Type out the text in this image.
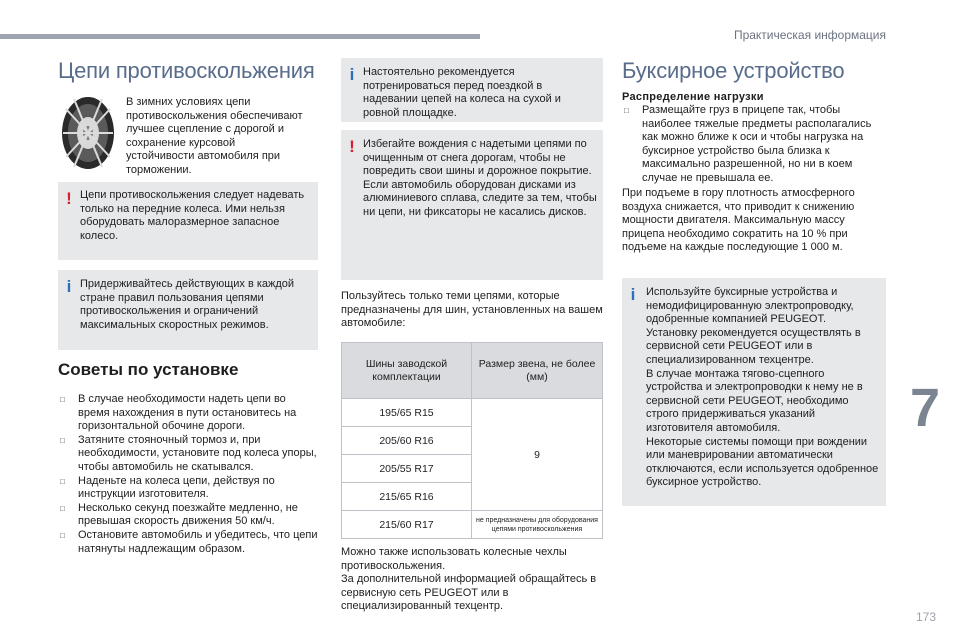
Практическая информация
7
173
Цепи противоскольжения
В зимних условиях цепи противоскольжения обеспечивают лучшее сцепление с дорогой и сохранение курсовой устойчивости автомобиля при торможении.
! Цепи противоскольжения следует надевать только на передние колеса. Ими нельзя оборудовать малоразмерное запасное колесо.
i Придерживайтесь действующих в каждой стране правил пользования цепями противоскольжения и ограничений максимальных скоростных режимов.
Советы по установке
□ В случае необходимости надеть цепи во время нахождения в пути остановитесь на горизонтальной обочине дороги.
□ Затяните стояночный тормоз и, при необходимости, установите под колеса упоры, чтобы автомобиль не скатывался.
□ Наденьте на колеса цепи, действуя по инструкции изготовителя.
□ Несколько секунд поезжайте медленно, не превышая скорость движения 50 км/ч.
□ Остановите автомобиль и убедитесь, что цепи натянуты надлежащим образом.
i Настоятельно рекомендуется потренироваться перед поездкой в надевании цепей на колеса на сухой и ровной площадке.
! Избегайте вождения с надетыми цепями по очищенным от снега дорогам, чтобы не повредить свои шины и дорожное покрытие. Если автомобиль оборудован дисками из алюминиевого сплава, следите за тем, чтобы ни цепи, ни фиксаторы не касались дисков.
Пользуйтесь только теми цепями, которые предназначены для шин, установленных на вашем автомобиле:
Шины заводской комплектации	Размер звена, не более (мм)
195/65 R15	9
205/60 R16	
205/55 R17	
215/65 R16	
215/60 R17	не предназначены для оборудования цепями противоскольжения
Можно также использовать колесные чехлы противоскольжения.
За дополнительной информацией обращайтесь в сервисную сеть PEUGEOT или в специализированный техцентр.
Буксирное устройство
Распределение нагрузки
□ Размещайте груз в прицепе так, чтобы наиболее тяжелые предметы располагались как можно ближе к оси и чтобы нагрузка на буксирное устройство была близка к максимально разрешенной, но ни в коем случае не превышала ее.
При подъеме в гору плотность атмосферного воздуха снижается, что приводит к снижению мощности двигателя. Максимальную массу прицепа необходимо сократить на 10 % при подъеме на каждые последующие 1 000 м.
i Используйте буксирные устройства и немодифицированную электропроводку, одобренные компанией PEUGEOT. Установку рекомендуется осуществлять в сервисной сети PEUGEOT или в специализированном техцентре.
В случае монтажа тягово-сцепного устройства и электропроводки к нему не в сервисной сети PEUGEOT, необходимо строго придерживаться указаний изготовителя автомобиля.
Некоторые системы помощи при вождении или маневрировании автоматически отключаются, если используется одобренное буксирное устройство.
